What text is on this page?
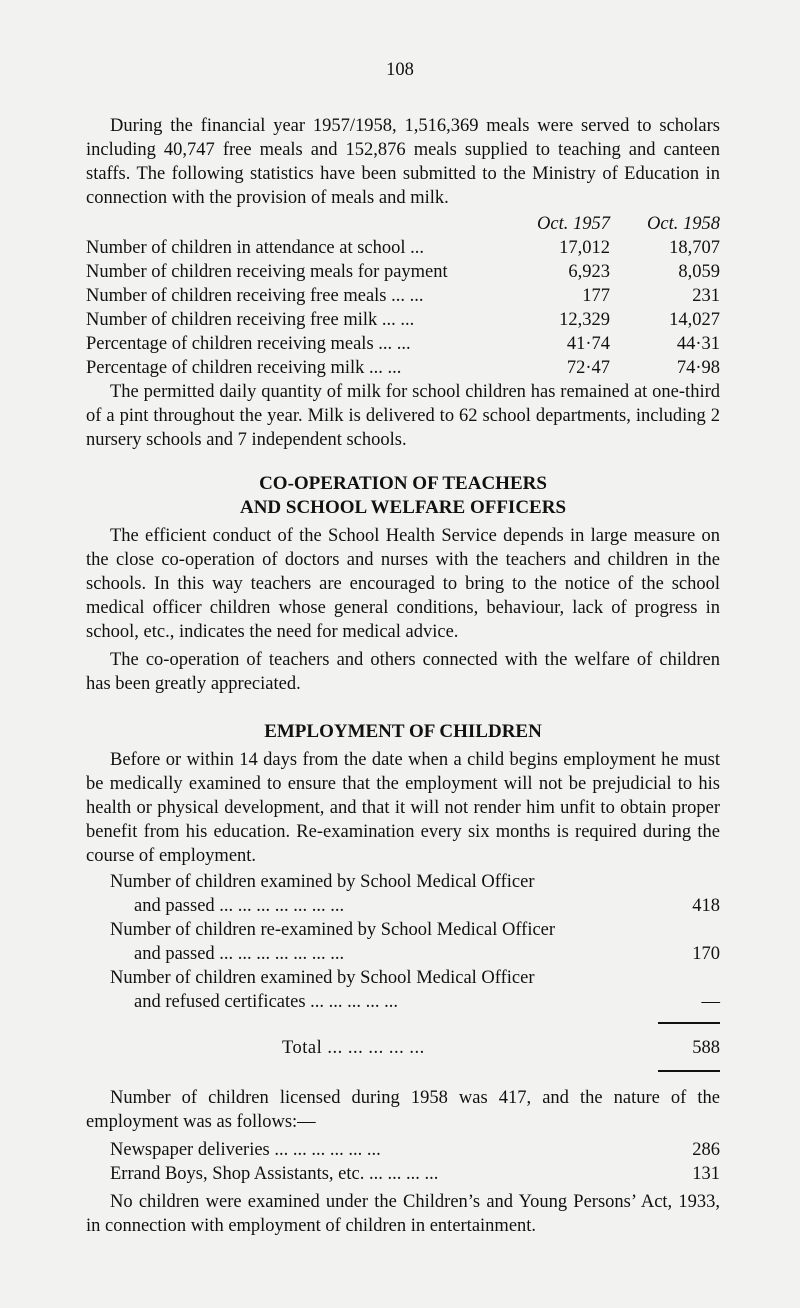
108

During the financial year 1957/1958, 1,516,369 meals were served to scholars including 40,747 free meals and 152,876 meals supplied to teaching and canteen staffs. The following statistics have been submitted to the Ministry of Education in connection with the provision of meals and milk.

Oct. 1957	Oct. 1958
Number of children in attendance at school ...	17,012	18,707
Number of children receiving meals for payment	6,923	8,059
Number of children receiving free meals ... ...	177	231
Number of children receiving free milk ... ...	12,329	14,027
Percentage of children receiving meals ... ...	41·74	44·31
Percentage of children receiving milk ... ...	72·47	74·98

The permitted daily quantity of milk for school children has remained at one-third of a pint throughout the year. Milk is delivered to 62 school departments, including 2 nursery schools and 7 independent schools.

CO-OPERATION OF TEACHERS
AND SCHOOL WELFARE OFFICERS

The efficient conduct of the School Health Service depends in large measure on the close co-operation of doctors and nurses with the teachers and children in the schools. In this way teachers are encouraged to bring to the notice of the school medical officer children whose general conditions, behaviour, lack of progress in school, etc., indicates the need for medical advice.

The co-operation of teachers and others connected with the welfare of children has been greatly appreciated.

EMPLOYMENT OF CHILDREN

Before or within 14 days from the date when a child begins employment he must be medically examined to ensure that the employment will not be prejudicial to his health or physical development, and that it will not render him unfit to obtain proper benefit from his education. Re-examination every six months is required during the course of employment.

Number of children examined by School Medical Officer
and passed ... ... ... ... ... ... ...	418
Number of children re-examined by School Medical Officer
and passed ... ... ... ... ... ... ...	170
Number of children examined by School Medical Officer
and refused certificates ... ... ... ... ...	—
Total ... ... ... ... ...	588

Number of children licensed during 1958 was 417, and the nature of the employment was as follows:—

Newspaper deliveries ... ... ... ... ... ...	286
Errand Boys, Shop Assistants, etc. ... ... ... ...	131

No children were examined under the Children’s and Young Persons’ Act, 1933, in connection with employment of children in entertainment.
